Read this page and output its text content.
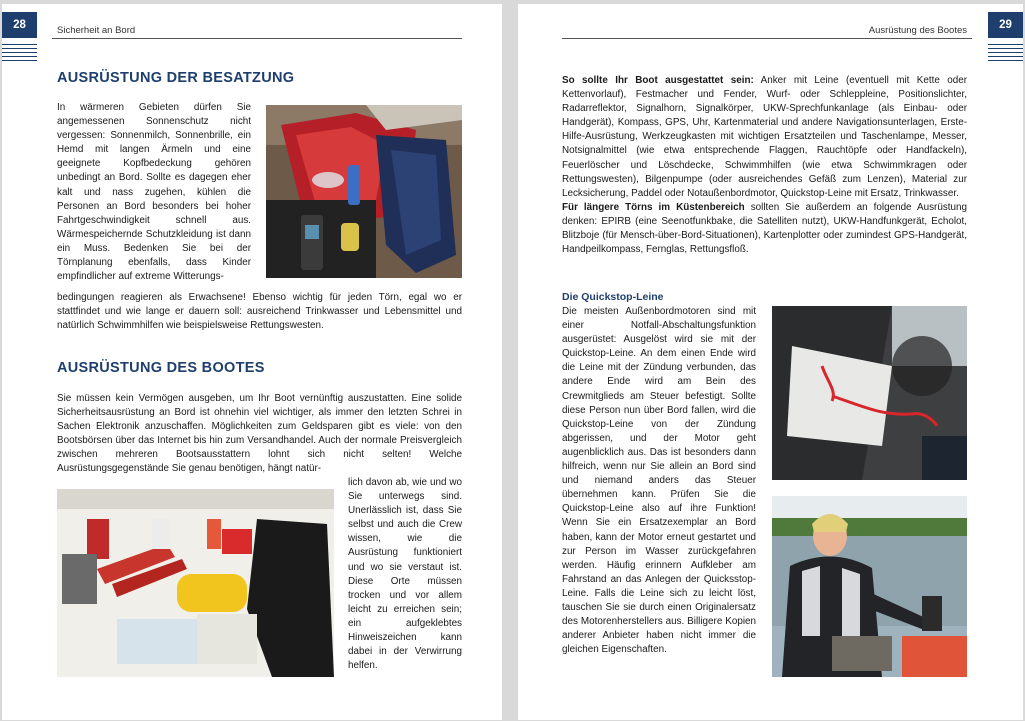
28	Sicherheit an Bord
AUSRÜSTUNG DER BESATZUNG
In wärmeren Gebieten dürfen Sie angemessenen Sonnenschutz nicht vergessen: Sonnenmilch, Sonnenbrille, ein Hemd mit langen Ärmeln und eine geeignete Kopfbedeckung gehören unbedingt an Bord. Sollte es dagegen eher kalt und nass zugehen, kühlen die Personen an Bord besonders bei hoher Fahrtgeschwindigkeit schnell aus. Wärmespeichernde Schutzkleidung ist dann ein Muss. Bedenken Sie bei der Törnplanung ebenfalls, dass Kinder empfindlicher auf extreme Witterungs-
bedingungen reagieren als Erwachsene! Ebenso wichtig für jeden Törn, egal wo er stattfindet und wie lange er dauern soll: ausreichend Trinkwasser und Lebensmittel und natürlich Schwimmhilfen wie beispielsweise Rettungswesten.
AUSRÜSTUNG DES BOOTES
Sie müssen kein Vermögen ausgeben, um Ihr Boot vernünftig auszustatten. Eine solide Sicherheitsausrüstung an Bord ist ohnehin viel wichtiger, als immer den letzten Schrei in Sachen Elektronik anzuschaffen. Möglichkeiten zum Geldsparen gibt es viele: von den Bootsbörsen über das Internet bis hin zum Versandhandel. Auch der normale Preisvergleich zwischen mehreren Bootsausstattern lohnt sich nicht selten! Welche Ausrüstungsgegenstände Sie genau benötigen, hängt natür-
lich davon ab, wie und wo Sie unterwegs sind. Unerlässlich ist, dass Sie selbst und auch die Crew wissen, wie die Ausrüstung funktioniert und wo sie verstaut ist. Diese Orte müssen trocken und vor allem leicht zu erreichen sein; ein aufgeklebtes Hinweiszeichen kann dabei in der Verwirrung helfen.
29
Ausrüstung des Bootes
So sollte Ihr Boot ausgestattet sein: Anker mit Leine (eventuell mit Kette oder Kettenvorlauf), Festmacher und Fender, Wurf- oder Schleppleine, Positionslichter, Radarreflektor, Signalhorn, Signalkörper, UKW-Sprechfunkanlage (als Einbau- oder Handgerät), Kompass, GPS, Uhr, Kartenmaterial und andere Navigationsunterlagen, Erste-Hilfe-Ausrüstung, Werkzeugkasten mit wichtigen Ersatzteilen und Taschenlampe, Messer, Notsignalmittel (wie etwa entsprechende Flaggen, Rauchtöpfe oder Handfackeln), Feuerlöscher und Löschdecke, Schwimmhilfen (wie etwa Schwimmkragen oder Rettungswesten), Bilgenpumpe (oder ausreichendes Gefäß zum Lenzen), Material zur Lecksicherung, Paddel oder Notaußenbordmotor, Quickstop-Leine mit Ersatz, Trinkwasser.
Für längere Törns im Küstenbereich sollten Sie außerdem an folgende Ausrüstung denken: EPIRB (eine Seenotfunkbake, die Satelliten nutzt), UKW-Handfunkgerät, Echolot, Blitzboje (für Mensch-über-Bord-Situationen), Kartenplotter oder zumindest GPS-Handgerät, Handpeilkompass, Fernglas, Rettungsfloß.
Die Quickstop-Leine
Die meisten Außenbordmotoren sind mit einer Notfall-Abschaltungsfunktion ausgerüstet: Ausgelöst wird sie mit der Quickstop-Leine. An dem einen Ende wird die Leine mit der Zündung verbunden, das andere Ende wird am Bein des Crewmitglieds am Steuer befestigt. Sollte diese Person nun über Bord fallen, wird die Quickstop-Leine von der Zündung abgerissen, und der Motor geht augenblicklich aus. Das ist besonders dann hilfreich, wenn nur Sie allein an Bord sind und niemand anders das Steuer übernehmen kann. Prüfen Sie die Quickstop-Leine also auf ihre Funktion! Wenn Sie ein Ersatzexemplar an Bord haben, kann der Motor erneut gestartet und zur Person im Wasser zurückgefahren werden. Häufig erinnern Aufkleber am Fahrstand an das Anlegen der Quicksstop-Leine. Falls die Leine sich zu leicht löst, tauschen Sie sie durch einen Originalersatz des Motorenherstellers aus. Billigere Kopien anderer Anbieter haben nicht immer die gleichen Eigenschaften.
